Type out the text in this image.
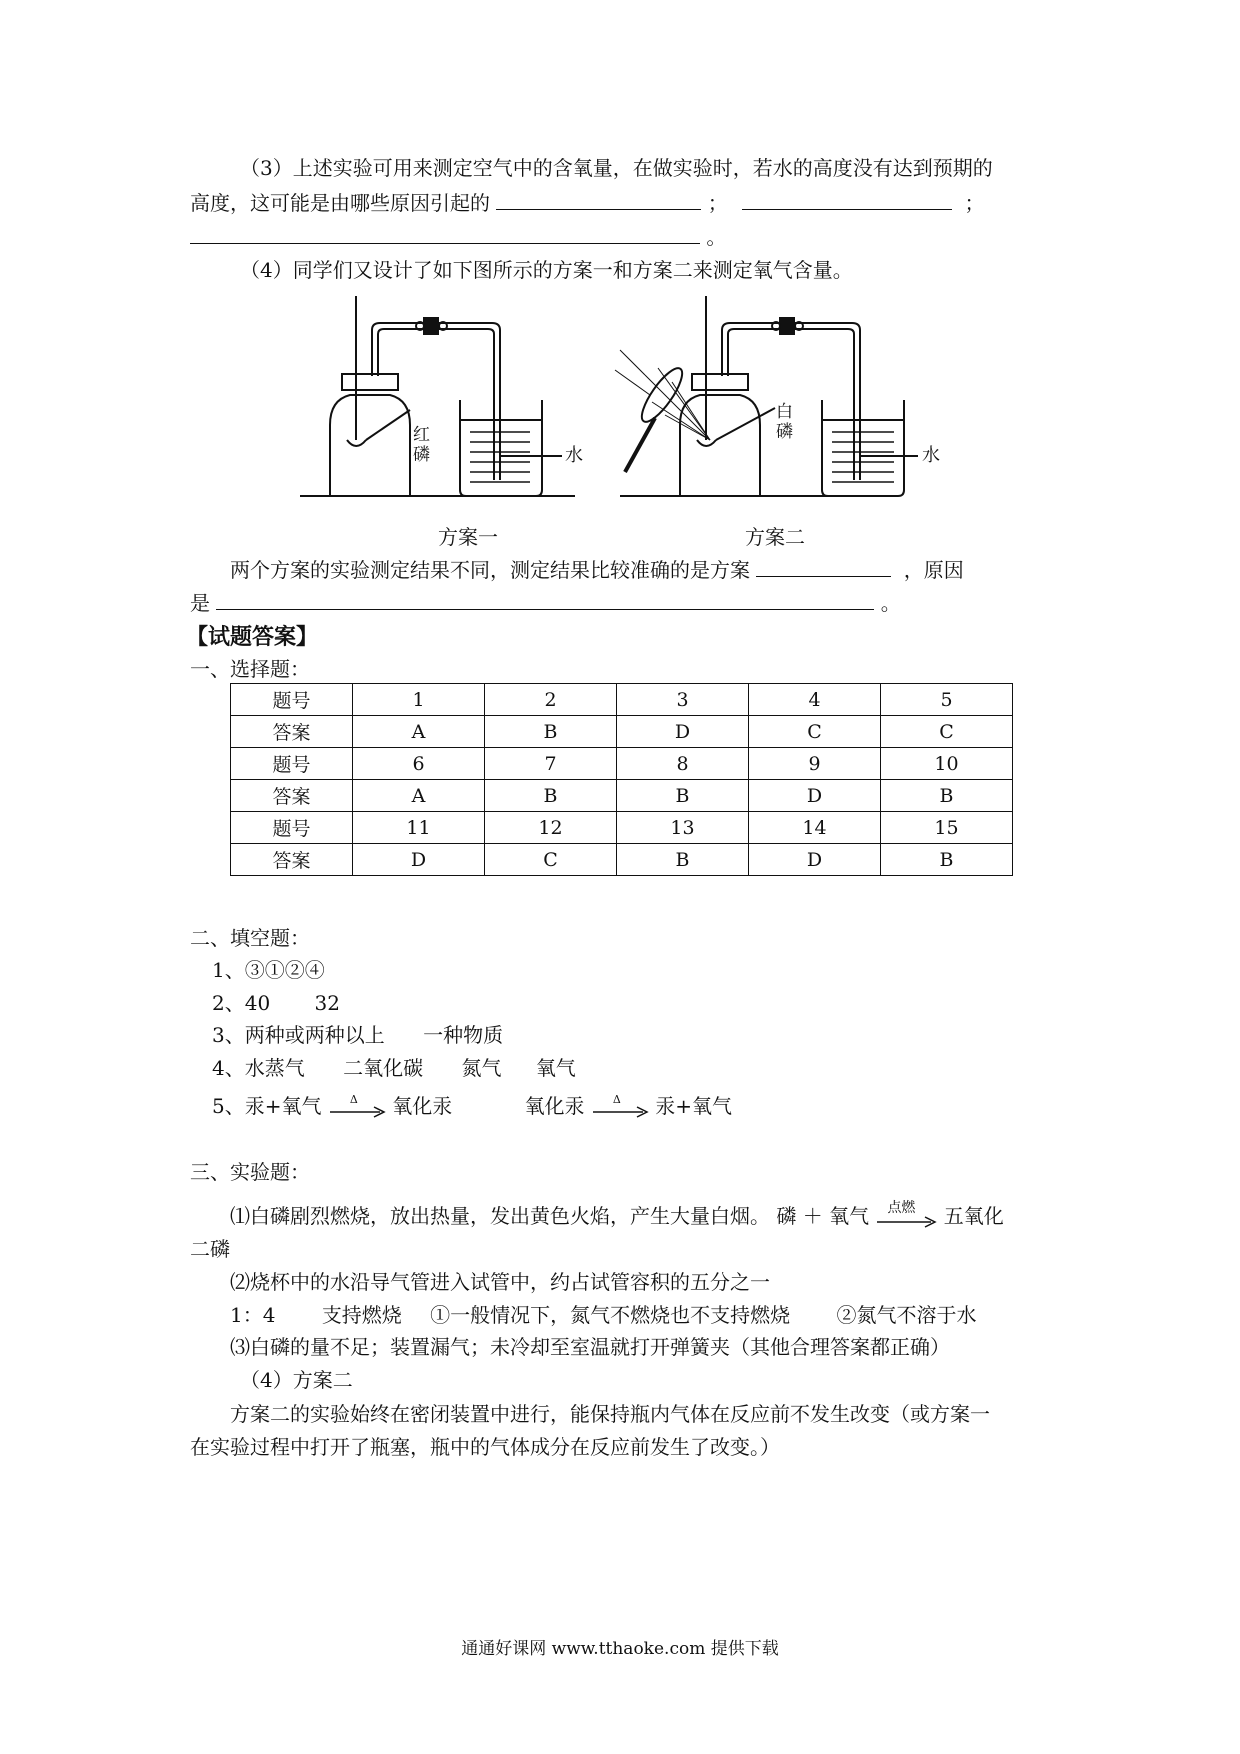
（3）上述实验可用来测定空气中的含氧量，在做实验时，若水的高度没有达到预期的
高度，这可能是由哪些原因引起的	；	；
。
（4）同学们又设计了如下图所示的方案一和方案二来测定氧气含量。
红磷
白磷
水	水
方案一	方案二
两个方案的实验测定结果不同，测定结果比较准确的是方案	，原因
是	。
【试题答案】
一、选择题：
题号	1	2	3	4	5
答案	A	B	D	C	C
题号	6	7	8	9	10
答案	A	B	B	D	B
题号	11	12	13	14	15
答案	D	C	B	D	B
二、填空题：
1、③①②④
2、40 32
3、两种或两种以上 一种物质
4、水蒸气 二氧化碳 氮气 氧气
5、汞+氧气	Δ 氧化汞	氧化汞	Δ 汞+氧气
三、实验题：
⑴白磷剧烈燃烧，放出热量，发出黄色火焰，产生大量白烟。 磷 ＋ 氧气 点燃 五氧化
二磷
⑵烧杯中的水沿导气管进入试管中，约占试管容积的五分之一
1：4 支持燃烧 ①一般情况下，氮气不燃烧也不支持燃烧 ②氮气不溶于水
⑶白磷的量不足；装置漏气；未冷却至室温就打开弹簧夹（其他合理答案都正确）
（4）方案二
方案二的实验始终在密闭装置中进行，能保持瓶内气体在反应前不发生改变（或方案一
在实验过程中打开了瓶塞，瓶中的气体成分在反应前发生了改变。）
通通好课网 www.tthaoke.com 提供下载
